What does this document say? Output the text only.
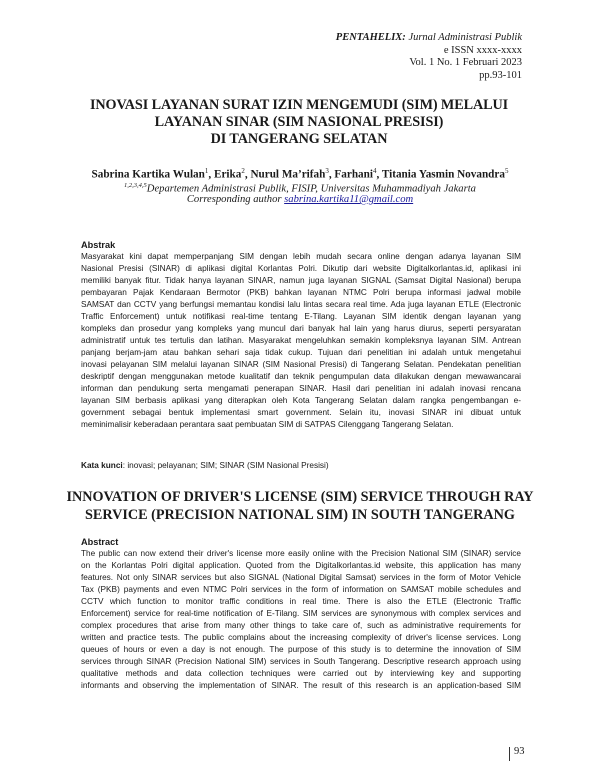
PENTAHELIX: Jurnal Administrasi Publik
e ISSN xxxx-xxxx
Vol. 1 No. 1 Februari 2023
pp.93-101
INOVASI LAYANAN SURAT IZIN MENGEMUDI (SIM) MELALUI
LAYANAN SINAR (SIM NASIONAL PRESISI)
DI TANGERANG SELATAN
Sabrina Kartika Wulan$^1$, Erika$^2$, Nurul Ma’rifah$^3$, Farhani$^4$, Titania Yasmin Novandra$^5$
$^{1,2,3,4,5}$Departemen Administrasi Publik, FISIP, Universitas Muhammadiyah Jakarta
Corresponding author sabrina.kartika11@gmail.com
Abstrak
Masyarakat kini dapat memperpanjang SIM dengan lebih mudah secara online dengan adanya layanan SIM
Nasional Presisi (SINAR) di aplikasi digital Korlantas Polri. Dikutip dari website Digitalkorlantas.id, aplikasi ini
memiliki banyak fitur. Tidak hanya layanan SINAR, namun juga layanan SIGNAL (Samsat Digital Nasional) berupa
pembayaran Pajak Kendaraan Bermotor (PKB) bahkan layanan NTMC Polri berupa informasi jadwal mobile
SAMSAT dan CCTV yang berfungsi memantau kondisi lalu lintas secara real time. Ada juga layanan ETLE (Electronic
Traffic Enforcement) untuk notifikasi real-time tentang E-Tilang. Layanan SIM identik dengan layanan yang
kompleks dan prosedur yang kompleks yang muncul dari banyak hal lain yang harus diurus, seperti persyaratan
administratif untuk tes tertulis dan latihan. Masyarakat mengeluhkan semakin kompleksnya layanan SIM. Antrean
panjang berjam-jam atau bahkan sehari saja tidak cukup. Tujuan dari penelitian ini adalah untuk mengetahui
inovasi pelayanan SIM melalui layanan SINAR (SIM Nasional Presisi) di Tangerang Selatan. Pendekatan penelitian
deskriptif dengan menggunakan metode kualitatif dan teknik pengumpulan data dilakukan dengan mewawancarai
informan dan pendukung serta mengamati penerapan SINAR. Hasil dari penelitian ini adalah inovasi rencana
layanan SIM berbasis aplikasi yang diterapkan oleh Kota Tangerang Selatan dalam rangka pengembangan e-
government sebagai bentuk implementasi smart government. Selain itu, inovasi SINAR ini dibuat untuk
meminimalisir keberadaan perantara saat pembuatan SIM di SATPAS Cilenggang Tangerang Selatan.
Kata kunci: inovasi; pelayanan; SIM; SINAR (SIM Nasional Presisi)
INNOVATION OF DRIVER'S LICENSE (SIM) SERVICE THROUGH RAY
SERVICE (PRECISION NATIONAL SIM) IN SOUTH TANGERANG
Abstract
The public can now extend their driver's license more easily online with the Precision National SIM (SINAR) service
on the Korlantas Polri digital application. Quoted from the Digitalkorlantas.id website, this application has many
features. Not only SINAR services but also SIGNAL (National Digital Samsat) services in the form of Motor Vehicle
Tax (PKB) payments and even NTMC Polri services in the form of information on SAMSAT mobile schedules and
CCTV which function to monitor traffic conditions in real time. There is also the ETLE (Electronic Traffic
Enforcement) service for real-time notification of E-Tilang. SIM services are synonymous with complex services and
complex procedures that arise from many other things to take care of, such as administrative requirements for
written and practice tests. The public complains about the increasing complexity of driver's license services. Long
queues of hours or even a day is not enough. The purpose of this study is to determine the innovation of SIM
services through SINAR (Precision National SIM) services in South Tangerang. Descriptive research approach using
qualitative methods and data collection techniques were carried out by interviewing key and supporting
informants and observing the implementation of SINAR. The result of this research is an application-based SIM
93
